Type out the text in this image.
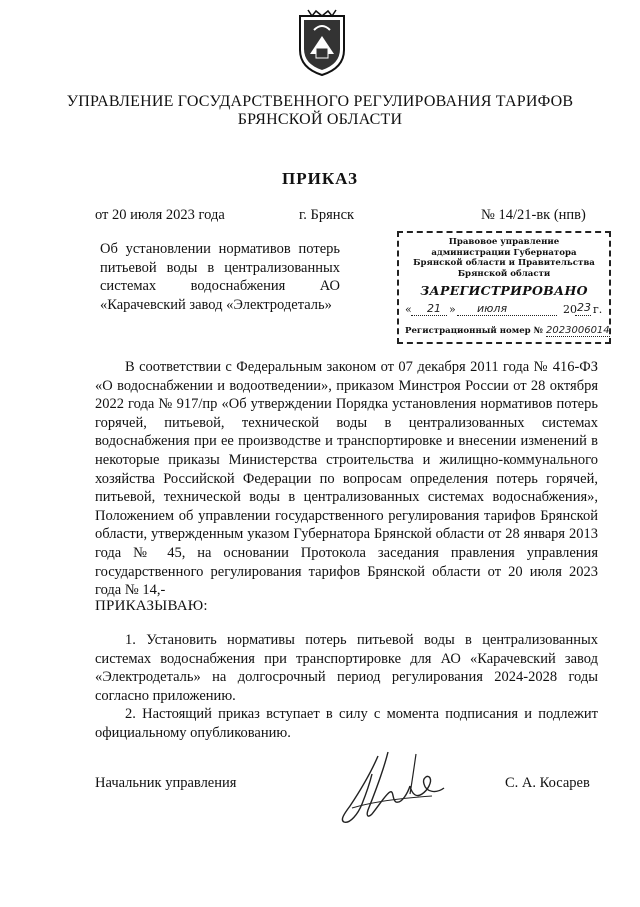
УПРАВЛЕНИЕ ГОСУДАРСТВЕННОГО РЕГУЛИРОВАНИЯ ТАРИФОВ
БРЯНСКОЙ ОБЛАСТИ
ПРИКАЗ
от 20 июля 2023 года	г. Брянск	№ 14/21-вк (нпв)
Об установлении нормативов потерь
питьевой воды в централизованных
системах водоснабжения АО
«Карачевский завод «Электродеталь»
Правовое управление
администрации Губернатора
Брянской области и Правительства
Брянской области
ЗАРЕГИСТРИРОВАНО
« 21 » июля	20 23 г.
Регистрационный номер № 2023006014
В соответствии с Федеральным законом от 07 декабря 2011 года № 416-ФЗ «О водоснабжении и водоотведении», приказом Минстроя России от 28 октября 2022 года № 917/пр «Об утверждении Порядка установления нормативов потерь горячей, питьевой, технической воды в централизованных системах водоснабжения при ее производстве и транспортировке и внесении изменений в некоторые приказы Министерства строительства и жилищно-коммунального хозяйства Российской Федерации по вопросам определения потерь горячей, питьевой, технической воды в централизованных системах водоснабжения», Положением об управлении государственного регулирования тарифов Брянской области, утвержденным указом Губернатора Брянской области от 28 января 2013 года № 45, на основании Протокола заседания правления управления государственного регулирования тарифов Брянской области от 20 июля 2023 года № 14,-
ПРИКАЗЫВАЮ:
1. Установить нормативы потерь питьевой воды в централизованных системах водоснабжения при транспортировке для АО «Карачевский завод «Электродеталь» на долгосрочный период регулирования 2024-2028 годы согласно приложению.
2. Настоящий приказ вступает в силу с момента подписания и подлежит официальному опубликованию.
Начальник управления	С. А. Косарев
